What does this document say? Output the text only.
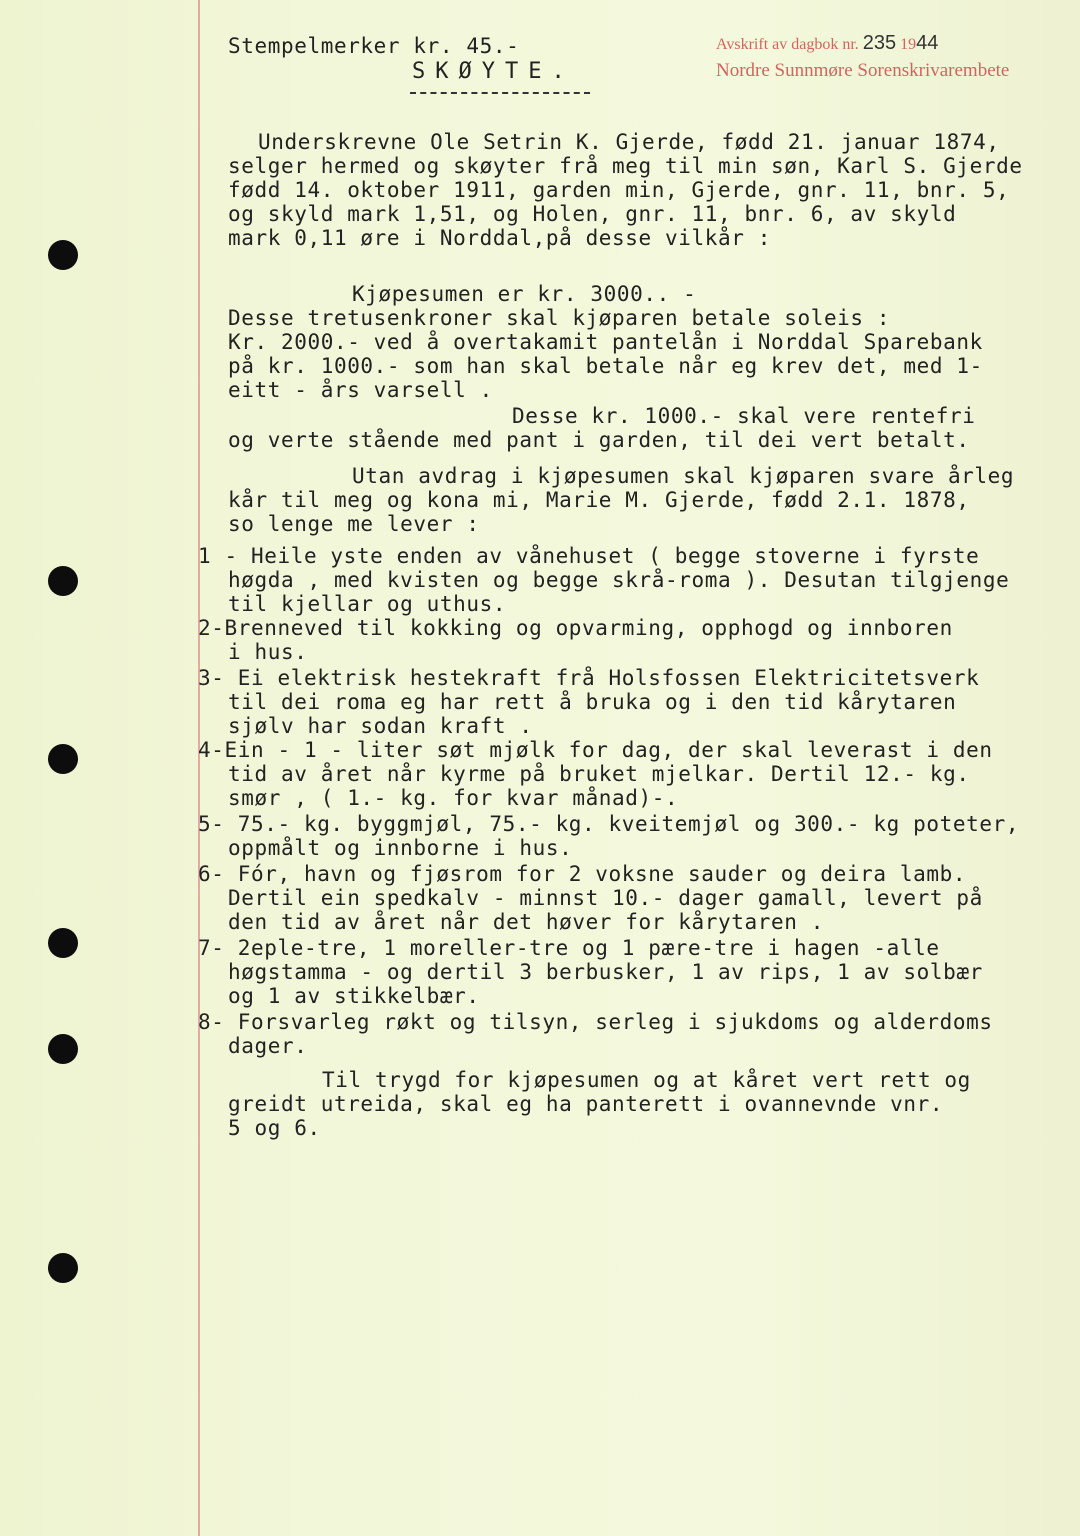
Stempelmerker kr. 45.-
SKØYTE.
Avskrift av dagbok nr. 235 1944
Nordre Sunnmøre Sorenskrivarembete
Underskrevne Ole Setrin K. Gjerde, fødd 21. januar 1874,
selger hermed og skøyter frå meg til min søn, Karl S. Gjerde
fødd 14. oktober 1911, garden min, Gjerde, gnr. 11, bnr. 5,
og skyld mark 1,51, og Holen, gnr. 11, bnr. 6, av skyld
mark 0,11 øre i Norddal,på desse vilkår :
Kjøpesumen er kr. 3000.. -
Desse tretusenkroner skal kjøparen betale soleis :
Kr. 2000.- ved å overtakamit pantelån i Norddal Sparebank
på kr. 1000.- som han skal betale når eg krev det, med 1-
eitt - års varsell .
Desse kr. 1000.- skal vere rentefri
og verte stående med pant i garden, til dei vert betalt.
Utan avdrag i kjøpesumen skal kjøparen svare årleg
kår til meg og kona mi, Marie M. Gjerde, fødd 2.1. 1878,
so lenge me lever :
1 - Heile yste enden av vånehuset ( begge stoverne i fyrste
høgda , med kvisten og begge skrå-roma ). Desutan tilgjenge
til kjellar og uthus.
2-Brenneved til kokking og opvarming, opphogd og innboren
i hus.
3- Ei elektrisk hestekraft frå Holsfossen Elektricitetsverk
til dei roma eg har rett å bruka og i den tid kårytaren
sjølv har sodan kraft .
4-Ein - 1 - liter søt mjølk for dag, der skal leverast i den
tid av året når kyrme på bruket mjelkar. Dertil 12.- kg.
smør , ( 1.- kg. for kvar månad)-.
5- 75.- kg. byggmjøl, 75.- kg. kveitemjøl og 300.- kg poteter,
oppmålt og innborne i hus.
6- Fór, havn og fjøsrom for 2 voksne sauder og deira lamb.
Dertil ein spedkalv - minnst 10.- dager gamall, levert på
den tid av året når det høver for kårytaren .
7- 2eple-tre, 1 moreller-tre og 1 pære-tre i hagen -alle
høgstamma - og dertil 3 berbusker, 1 av rips, 1 av solbær
og 1 av stikkelbær.
8- Forsvarleg røkt og tilsyn, serleg i sjukdoms og alderdoms
dager.
Til trygd for kjøpesumen og at kåret vert rett og
greidt utreida, skal eg ha panterett i ovannevnde vnr.
5 og 6.
